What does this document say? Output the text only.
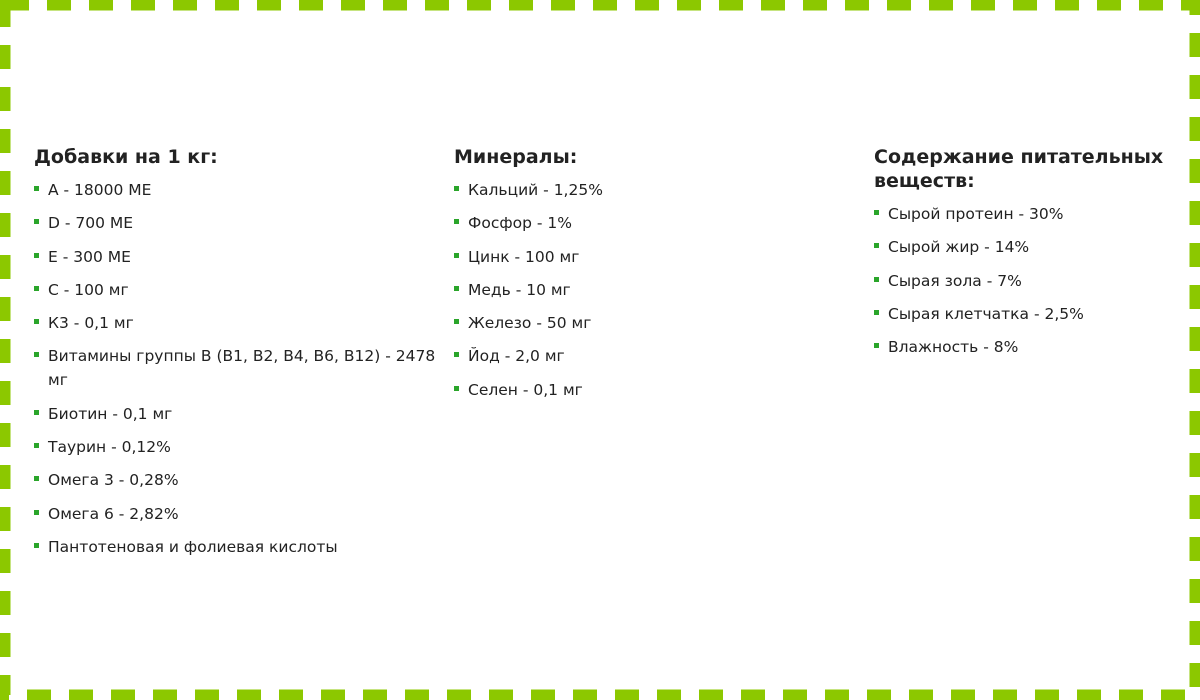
Добавки на 1 кг:
A - 18000 МЕ
D - 700 МЕ
E - 300 МЕ
C - 100 мг
К3 - 0,1 мг
Витамины группы В (В1, В2, В4, В6, В12) - 2478 мг
Биотин - 0,1 мг
Таурин - 0,12%
Омега 3 - 0,28%
Омега 6 - 2,82%
Пантотеновая и фолиевая кислоты
Минералы:
Кальций - 1,25%
Фосфор - 1%
Цинк - 100 мг
Медь - 10 мг
Железо - 50 мг
Йод - 2,0 мг
Селен - 0,1 мг
Содержание питательных веществ:
Сырой протеин - 30%
Сырой жир - 14%
Сырая зола - 7%
Сырая клетчатка - 2,5%
Влажность - 8%
